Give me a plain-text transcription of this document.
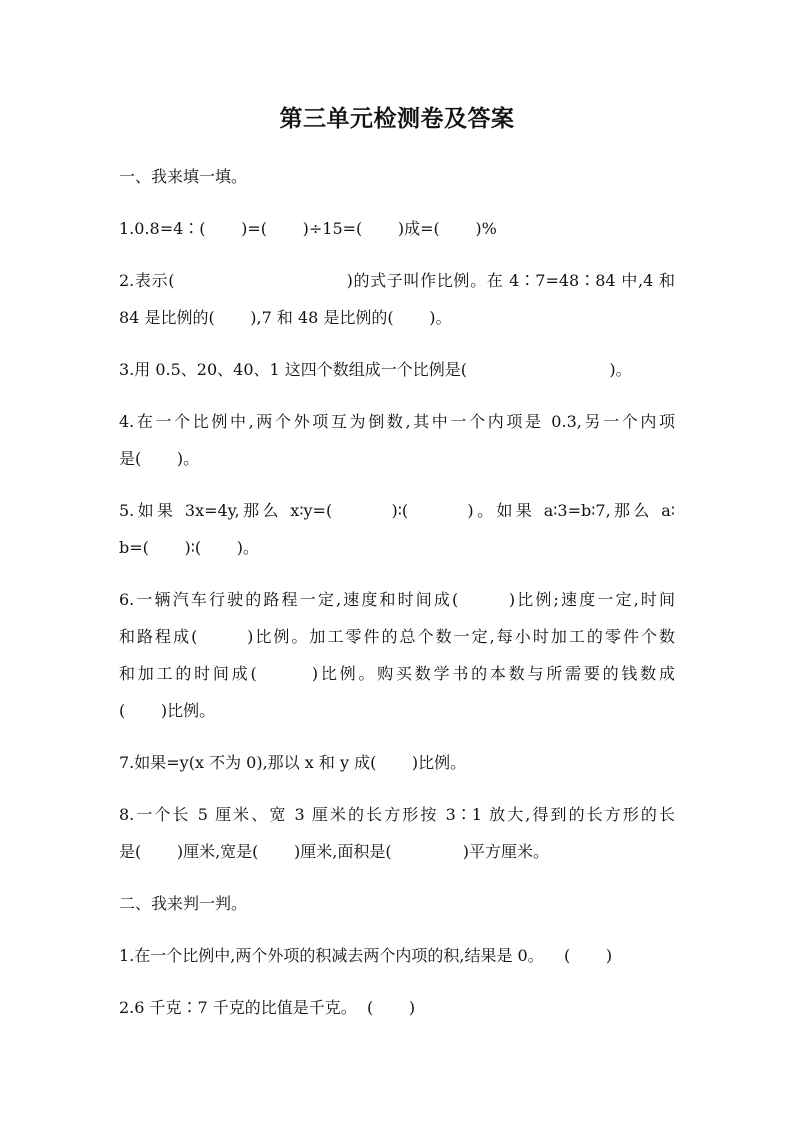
第三单元检测卷及答案

一、我来填一填。

1.0.8=4∶(       )=(       )÷15=(       )成=(       )%

2.表示(                              )的式子叫作比例。在 4∶7=48∶84 中,4 和

84 是比例的(       ),7 和 48 是比例的(       )。

3.用 0.5、20、40、1 这四个数组成一个比例是(                            )。

4.在一个比例中,两个外项互为倒数,其中一个内项是 0.3,另一个内项

是(       )。

5.如果 3x=4y,那么 x∶y=(       )∶(       )。如果 a∶3=b∶7,那么 a∶

b=(       )∶(       )。

6.一辆汽车行驶的路程一定,速度和时间成(       )比例;速度一定,时间

和路程成(       )比例。加工零件的总个数一定,每小时加工的零件个数

和加工的时间成(       )比例。购买数学书的本数与所需要的钱数成

(       )比例。

7.如果=y(x 不为 0),那以 x 和 y 成(       )比例。

8.一个长 5 厘米、宽 3 厘米的长方形按 3∶1 放大,得到的长方形的长

是(       )厘米,宽是(       )厘米,面积是(              )平方厘米。

二、我来判一判。

1.在一个比例中,两个外项的积减去两个内项的积,结果是 0。    (       )

2.6 千克∶7 千克的比值是千克。  (       )
